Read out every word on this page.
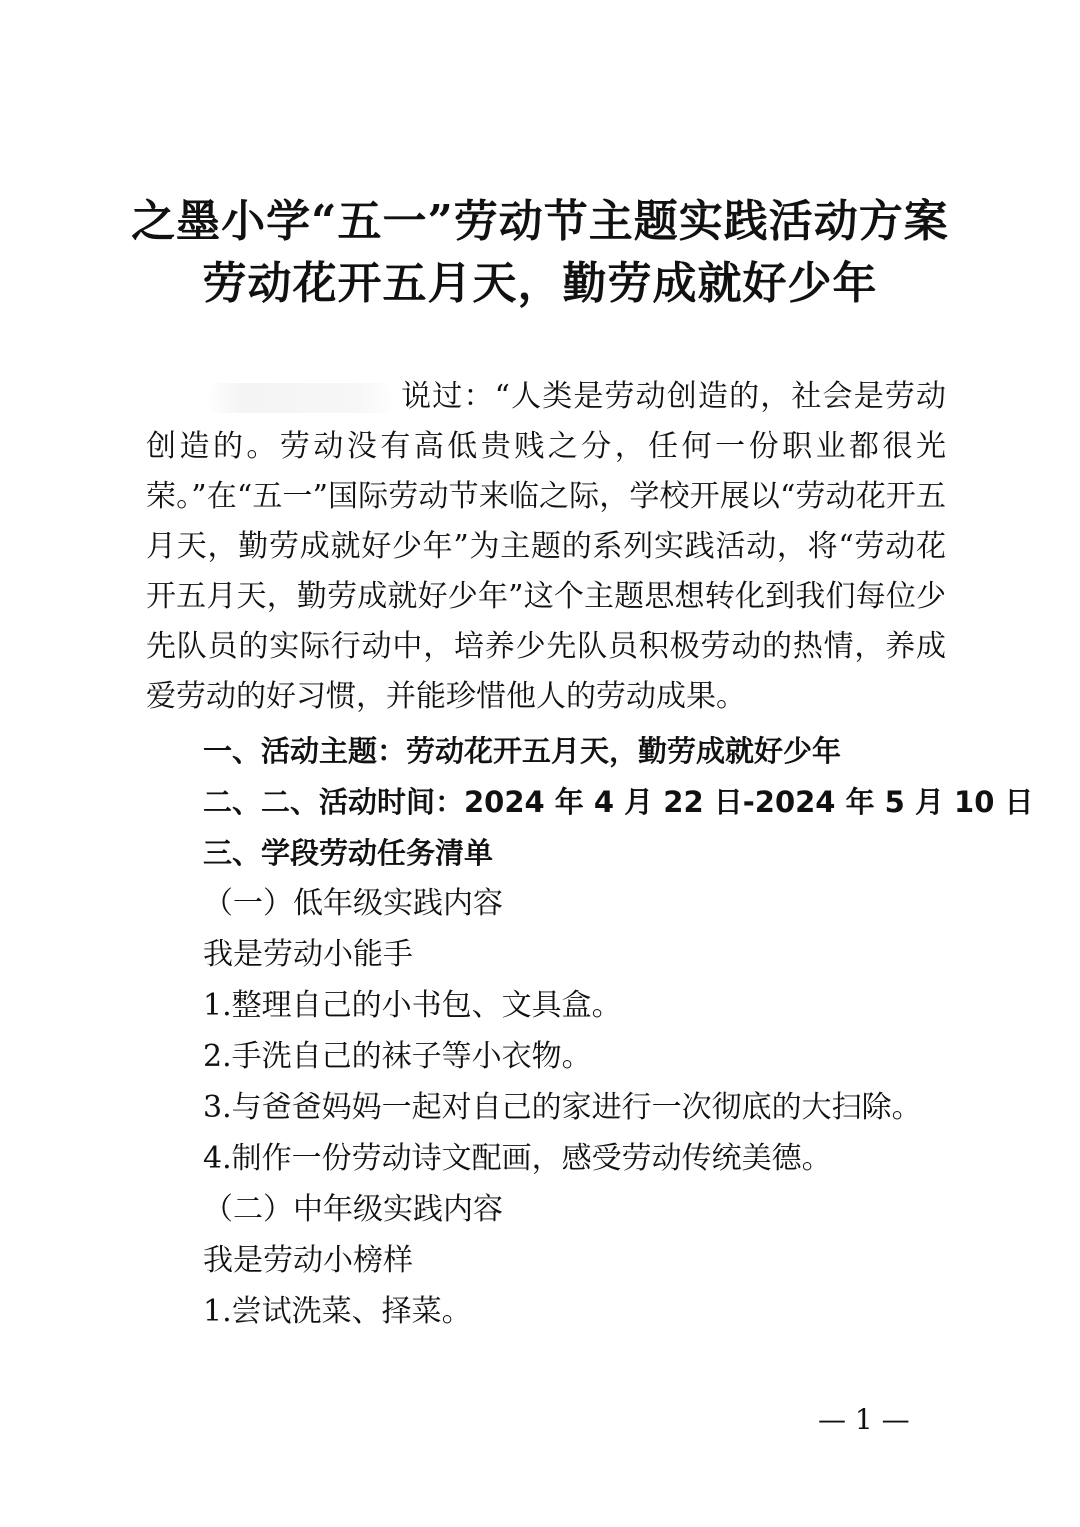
之墨小学“五一”劳动节主题实践活动方案
劳动花开五月天，勤劳成就好少年
说过：“人类是劳动创造的，社会是劳动创造的。劳动没有高低贵贱之分，任何一份职业都很光荣。”在“五一”国际劳动节来临之际，学校开展以“劳动花开五月天，勤劳成就好少年”为主题的系列实践活动，将“劳动花开五月天，勤劳成就好少年”这个主题思想转化到我们每位少先队员的实际行动中，培养少先队员积极劳动的热情，养成爱劳动的好习惯，并能珍惜他人的劳动成果。
一、活动主题：劳动花开五月天，勤劳成就好少年
二、二、活动时间：2024 年 4 月 22 日-2024 年 5 月 10 日
三、学段劳动任务清单
（一）低年级实践内容
我是劳动小能手
1.整理自己的小书包、文具盒。
2.手洗自己的袜子等小衣物。
3.与爸爸妈妈一起对自己的家进行一次彻底的大扫除。
4.制作一份劳动诗文配画，感受劳动传统美德。
（二）中年级实践内容
我是劳动小榜样
1.尝试洗菜、择菜。
— 1 —
